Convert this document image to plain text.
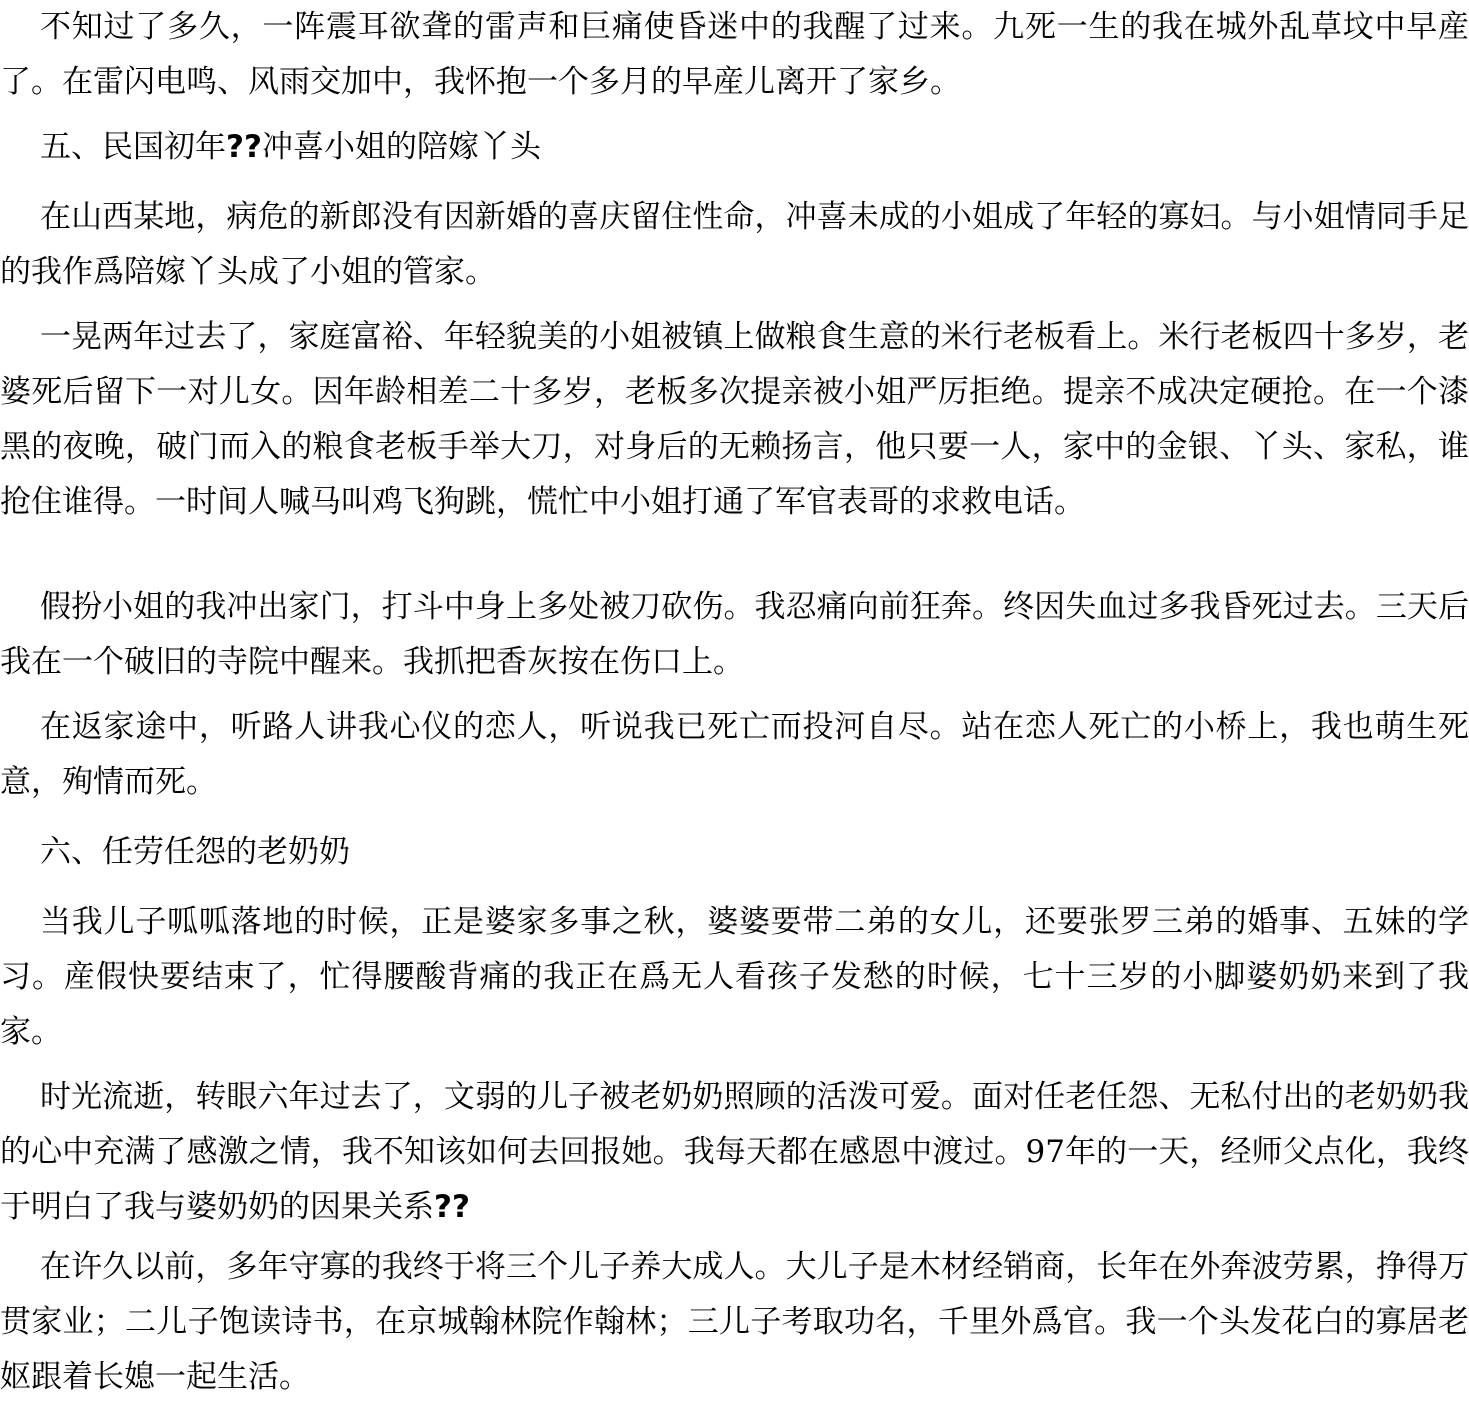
不知过了多久，一阵震耳欲聋的雷声和巨痛使昏迷中的我醒了过来。九死一生的我在城外乱草坟中早産了。在雷闪电鸣、风雨交加中，我怀抱一个多月的早産儿离开了家乡。

五、民国初年??冲喜小姐的陪嫁丫头

在山西某地，病危的新郎没有因新婚的喜庆留住性命，冲喜未成的小姐成了年轻的寡妇。与小姐情同手足的我作爲陪嫁丫头成了小姐的管家。

一晃两年过去了，家庭富裕、年轻貌美的小姐被镇上做粮食生意的米行老板看上。米行老板四十多岁，老婆死后留下一对儿女。因年龄相差二十多岁，老板多次提亲被小姐严厉拒绝。提亲不成决定硬抢。在一个漆黑的夜晚，破门而入的粮食老板手举大刀，对身后的无赖扬言，他只要一人，家中的金银、丫头、家私，谁抢住谁得。一时间人喊马叫鸡飞狗跳，慌忙中小姐打通了军官表哥的求救电话。

假扮小姐的我冲出家门，打斗中身上多处被刀砍伤。我忍痛向前狂奔。终因失血过多我昏死过去。三天后我在一个破旧的寺院中醒来。我抓把香灰按在伤口上。

在返家途中，听路人讲我心仪的恋人，听说我已死亡而投河自尽。站在恋人死亡的小桥上，我也萌生死意，殉情而死。

六、任劳任怨的老奶奶

当我儿子呱呱落地的时候，正是婆家多事之秋，婆婆要带二弟的女儿，还要张罗三弟的婚事、五妹的学习。産假快要结束了，忙得腰酸背痛的我正在爲无人看孩子发愁的时候，七十三岁的小脚婆奶奶来到了我家。

时光流逝，转眼六年过去了，文弱的儿子被老奶奶照顾的活泼可爱。面对任老任怨、无私付出的老奶奶我的心中充满了感激之情，我不知该如何去回报她。我每天都在感恩中渡过。97年的一天，经师父点化，我终于明白了我与婆奶奶的因果关系??

在许久以前，多年守寡的我终于将三个儿子养大成人。大儿子是木材经销商，长年在外奔波劳累，挣得万贯家业；二儿子饱读诗书，在京城翰林院作翰林；三儿子考取功名，千里外爲官。我一个头发花白的寡居老妪跟着长媳一起生活。
